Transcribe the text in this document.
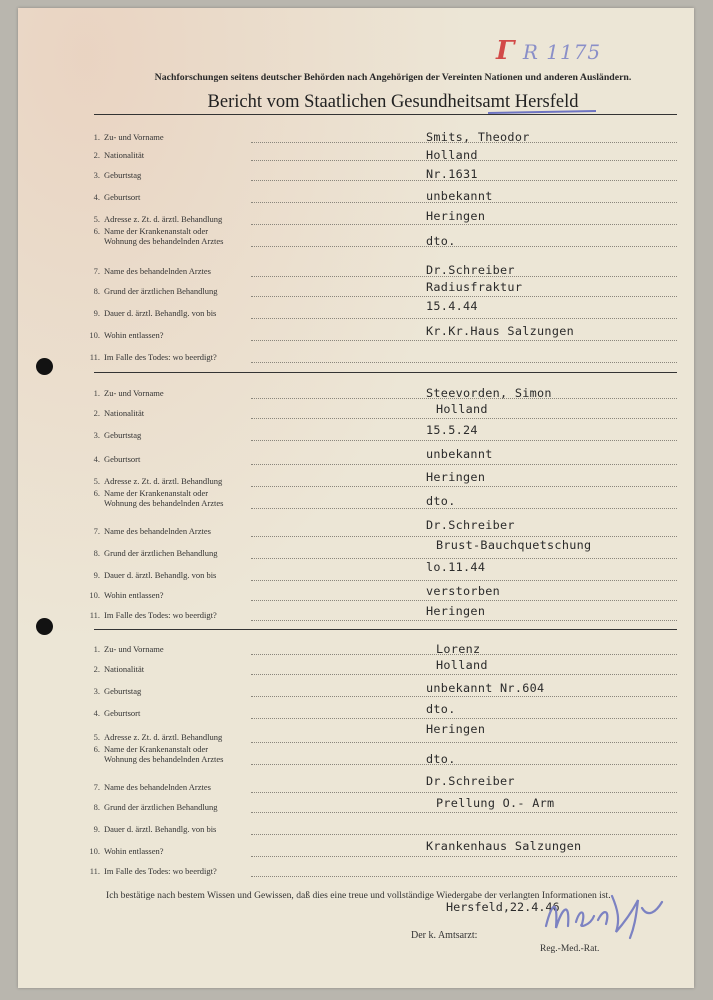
Γ R 1175
Nachforschungen seitens deutscher Behörden nach Angehörigen der Vereinten Nationen und anderen Ausländern.
Bericht vom Staatlichen Gesundheitsamt Hersfeld
1. Zu- und Vorname	Smits, Theodor
2. Nationalität	Holland
3. Geburtstag	Nr.1631
4. Geburtsort	unbekannt
5. Adresse z. Zt. d. ärztl. Behandlung	Heringen
6. Name der Krankenanstalt oder
Wohnung des behandelnden Arztes	dto.
7. Name des behandelnden Arztes	Dr.Schreiber
8. Grund der ärztlichen Behandlung	Radiusfraktur
9. Dauer d. ärztl. Behandlg. von bis	15.4.44
10. Wohin entlassen?	Kr.Kr.Haus Salzungen
11. Im Falle des Todes: wo beerdigt?
1. Zu- und Vorname	Steevorden, Simon
2. Nationalität	Holland
3. Geburtstag	15.5.24
4. Geburtsort	unbekannt
5. Adresse z. Zt. d. ärztl. Behandlung	Heringen
6. Name der Krankenanstalt oder
Wohnung des behandelnden Arztes	dto.
7. Name des behandelnden Arztes	Dr.Schreiber
8. Grund der ärztlichen Behandlung
Brust-Bauchquetschung
9. Dauer d. ärztl. Behandlg. von bis
lo.11.44
10. Wohin entlassen?	verstorben
11. Im Falle des Todes: wo beerdigt?	Heringen
1. Zu- und Vorname	Lorenz
2. Nationalität	Holland
3. Geburtstag	unbekannt Nr.604
4. Geburtsort	dto.
5. Adresse z. Zt. d. ärztl. Behandlung
Heringen
6. Name der Krankenanstalt oder
Wohnung des behandelnden Arztes	dto.
7. Name des behandelnden Arztes	Dr.Schreiber
8. Grund der ärztlichen Behandlung	Prellung O.- Arm
9. Dauer d. ärztl. Behandlg. von bis
10. Wohin entlassen?	Krankenhaus Salzungen
11. Im Falle des Todes: wo beerdigt?
Ich bestätige nach bestem Wissen und Gewissen, daß dies eine treue und vollständige Wiedergabe der verlangten Informationen ist.
Hersfeld,22.4.46
Der k. Amtsarzt:
Reg.-Med.-Rat.
